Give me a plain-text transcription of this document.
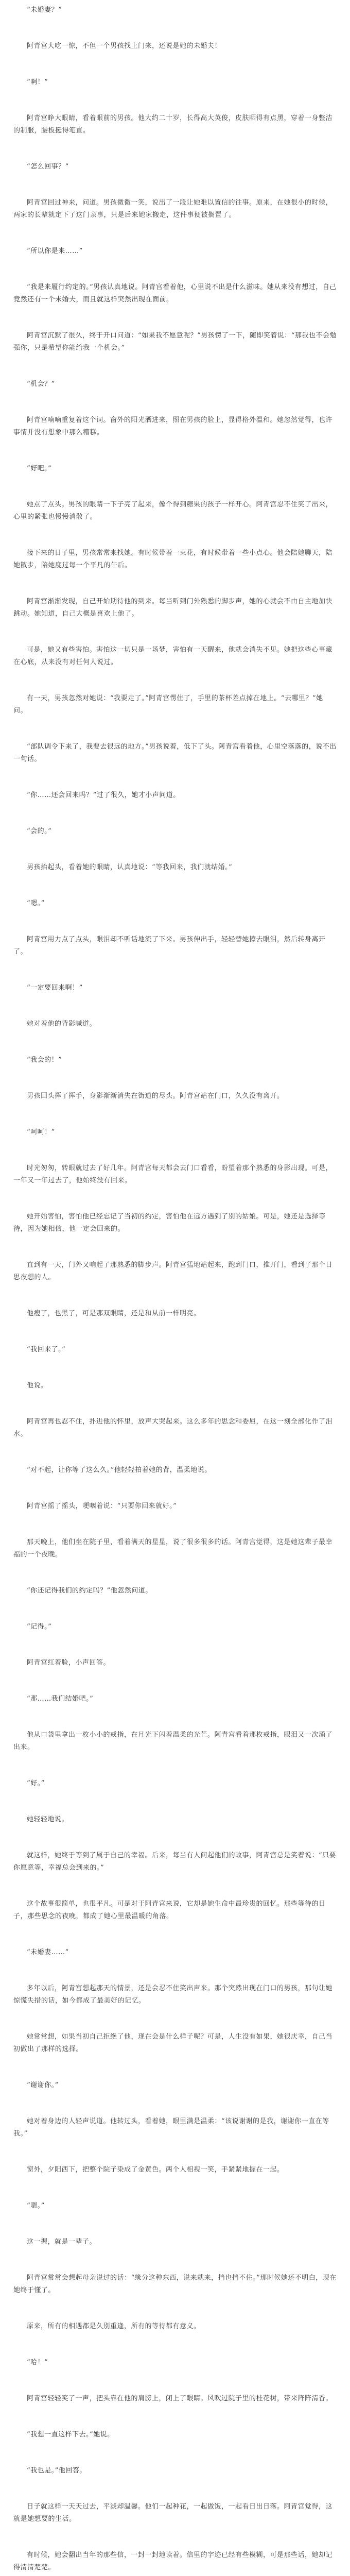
“未婚妻？”

阿青宫大吃一惊，不但一个男孩找上门来，还说是她的未婚夫！

“啊！”

阿青宫睁大眼睛，看着眼前的男孩。他大约二十岁，长得高大英俊，皮肤晒得有点黑，穿着一身整洁的制服，腰板挺得笔直。

“怎么回事？”

阿青宫回过神来，问道。男孩微微一笑，说出了一段让她难以置信的往事。原来，在她很小的时候，两家的长辈就定下了这门亲事，只是后来她家搬走，这件事便被搁置了。

“所以你是来……”

“我是来履行约定的。”男孩认真地说。阿青宫看着他，心里说不出是什么滋味。她从来没有想过，自己竟然还有一个未婚夫，而且就这样突然出现在面前。

阿青宫沉默了很久，终于开口问道：“如果我不愿意呢？”男孩愣了一下，随即笑着说：“那我也不会勉强你，只是希望你能给我一个机会。”

“机会？”

阿青宫喃喃重复着这个词。窗外的阳光洒进来，照在男孩的脸上，显得格外温和。她忽然觉得，也许事情并没有想象中那么糟糕。

“好吧。”

她点了点头。男孩的眼睛一下子亮了起来，像个得到糖果的孩子一样开心。阿青宫忍不住笑了出来，心里的紧张也慢慢消散了。

接下来的日子里，男孩常常来找她。有时候带着一束花，有时候带着一些小点心。他会陪她聊天，陪她散步，陪她度过每一个平凡的午后。

阿青宫渐渐发现，自己开始期待他的到来。每当听到门外熟悉的脚步声，她的心就会不由自主地加快跳动。她知道，自己大概是喜欢上他了。

可是，她又有些害怕。害怕这一切只是一场梦，害怕有一天醒来，他就会消失不见。她把这些心事藏在心底，从来没有对任何人说过。

有一天，男孩忽然对她说：“我要走了。”阿青宫愣住了，手里的茶杯差点掉在地上。“去哪里？”她问。

“部队调令下来了，我要去很远的地方。”男孩说着，低下了头。阿青宫看着他，心里空落落的，说不出一句话。

“你……还会回来吗？”过了很久，她才小声问道。

“会的。”

男孩抬起头，看着她的眼睛，认真地说：“等我回来，我们就结婚。”

“嗯。”

阿青宫用力点了点头，眼泪却不听话地流了下来。男孩伸出手，轻轻替她擦去眼泪，然后转身离开了。

“一定要回来啊！”

她对着他的背影喊道。

“我会的！”

男孩回头挥了挥手，身影渐渐消失在街道的尽头。阿青宫站在门口，久久没有离开。

“呵呵！”

时光匆匆，转眼就过去了好几年。阿青宫每天都会去门口看看，盼望着那个熟悉的身影出现。可是，一年又一年过去了，他始终没有回来。

她开始害怕，害怕他已经忘记了当初的约定，害怕他在远方遇到了别的姑娘。可是，她还是选择等待，因为她相信，他一定会回来的。

直到有一天，门外又响起了那熟悉的脚步声。阿青宫猛地站起来，跑到门口，推开门，看到了那个日思夜想的人。

他瘦了，也黑了，可是那双眼睛，还是和从前一样明亮。

“我回来了。”

他说。

阿青宫再也忍不住，扑进他的怀里，放声大哭起来。这么多年的思念和委屈，在这一刻全部化作了泪水。

“对不起，让你等了这么久。”他轻轻拍着她的背，温柔地说。

阿青宫摇了摇头，哽咽着说：“只要你回来就好。”

那天晚上，他们坐在院子里，看着满天的星星，说了很多很多的话。阿青宫觉得，这是她这辈子最幸福的一个夜晚。

“你还记得我们的约定吗？”他忽然问道。

“记得。”

阿青宫红着脸，小声回答。

“那……我们结婚吧。”

他从口袋里拿出一枚小小的戒指，在月光下闪着温柔的光芒。阿青宫看着那枚戒指，眼泪又一次涌了出来。

“好。”

她轻轻地说。

就这样，她终于等到了属于自己的幸福。后来，每当有人问起他们的故事，阿青宫总是笑着说：“只要你愿意等，幸福总会到来的。”

这个故事很简单，也很平凡。可是对于阿青宫来说，它却是她生命中最珍贵的回忆。那些等待的日子，那些思念的夜晚，都成了她心里最温暖的角落。

“未婚妻……”

多年以后，阿青宫想起那天的情景，还是会忍不住笑出声来。那个突然出现在门口的男孩，那句让她惊慌失措的话，如今都成了最美好的记忆。

她常常想，如果当初自己拒绝了他，现在会是什么样子呢？可是，人生没有如果，她很庆幸，自己当初做出了那样的选择。

“谢谢你。”

她对着身边的人轻声说道。他转过头，看着她，眼里满是温柔：“该说谢谢的是我，谢谢你一直在等我。”

窗外，夕阳西下，把整个院子染成了金黄色。两个人相视一笑，手紧紧地握在一起。

“嗯。”

这一握，就是一辈子。

阿青宫常常会想起母亲说过的话：“缘分这种东西，说来就来，挡也挡不住。”那时候她还不明白，现在她终于懂了。

原来，所有的相遇都是久别重逢，所有的等待都有意义。

“哈！”

阿青宫轻轻笑了一声，把头靠在他的肩膀上，闭上了眼睛。风吹过院子里的桂花树，带来阵阵清香。

“我想一直这样下去。”她说。

“我也是。”他回答。

日子就这样一天天过去，平淡却温馨。他们一起种花，一起做饭，一起看日出日落。阿青宫觉得，这就是她想要的生活。

有时候，她会翻出当年的那些信，一封一封地读着。信里的字迹已经有些模糊，可是那些话，她却记得清清楚楚。
